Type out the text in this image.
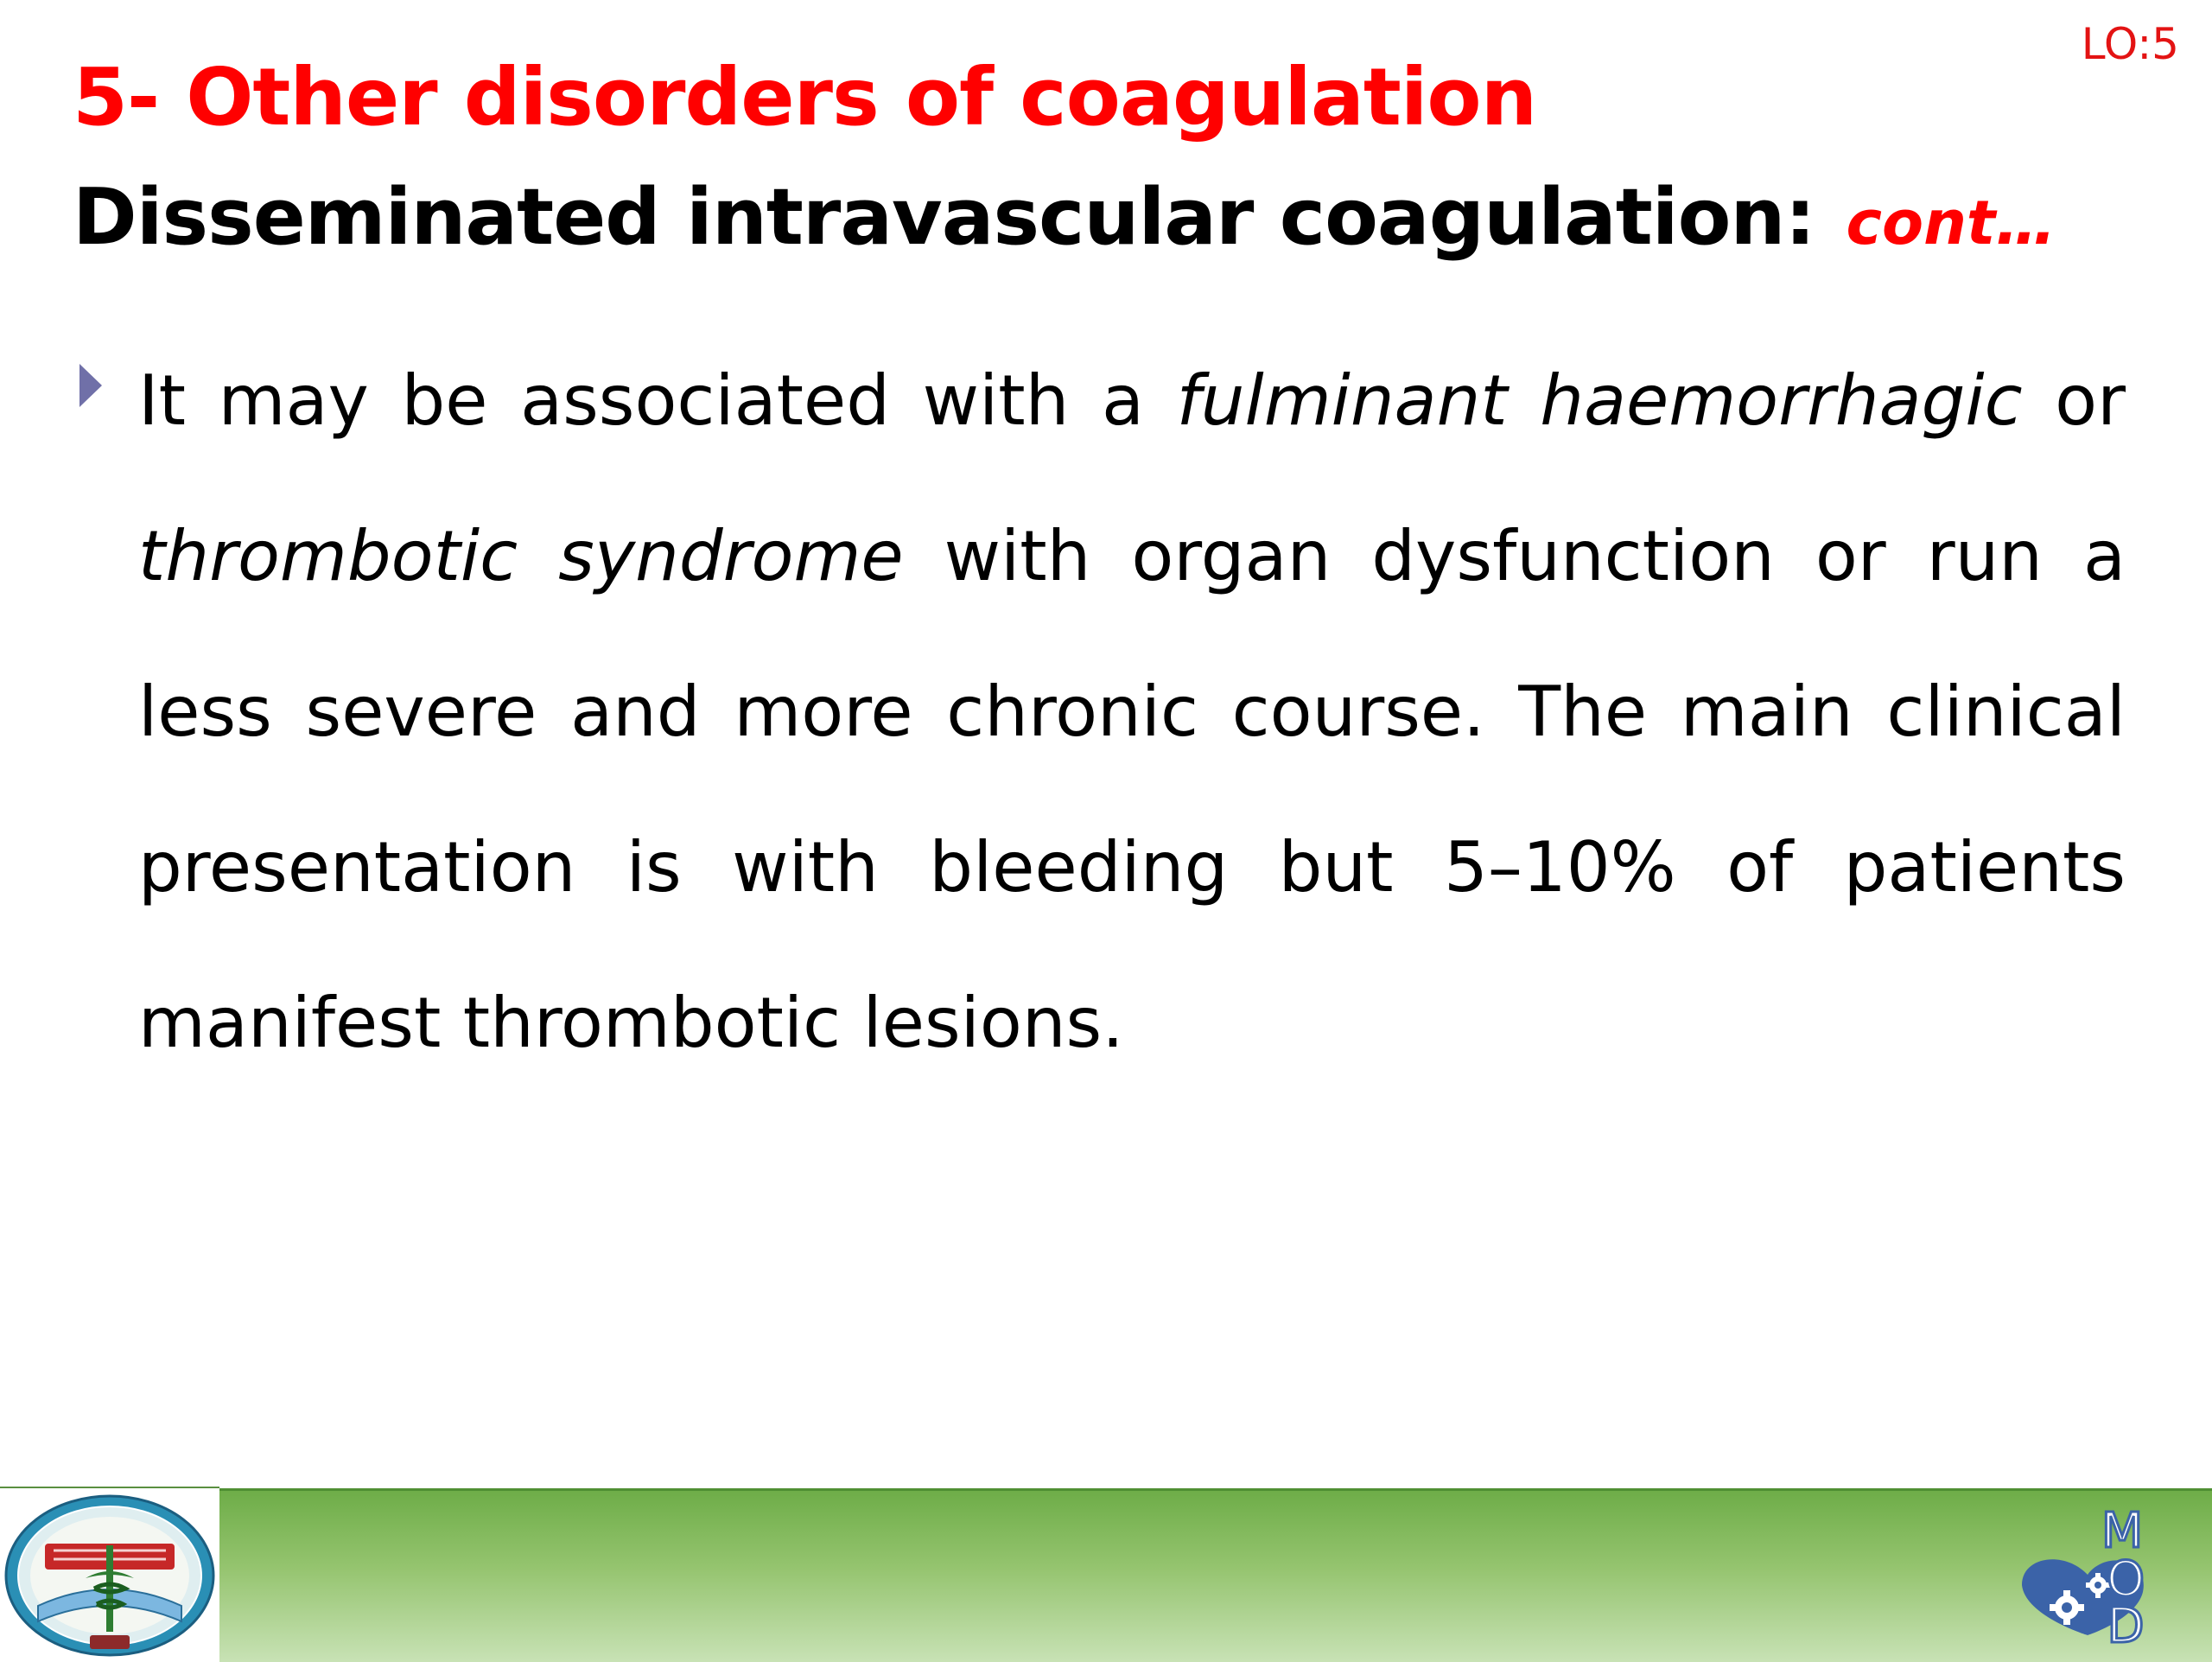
LO:5
5- Other disorders of coagulation
Disseminated intravascular coagulation: cont…

It may be associated with a fulminant haemorrhagic or thrombotic syndrome with organ dysfunction or run a less severe and more chronic course. The main clinical presentation is with bleeding but 5–10% of patients manifest thrombotic lesions.

M
O
D
